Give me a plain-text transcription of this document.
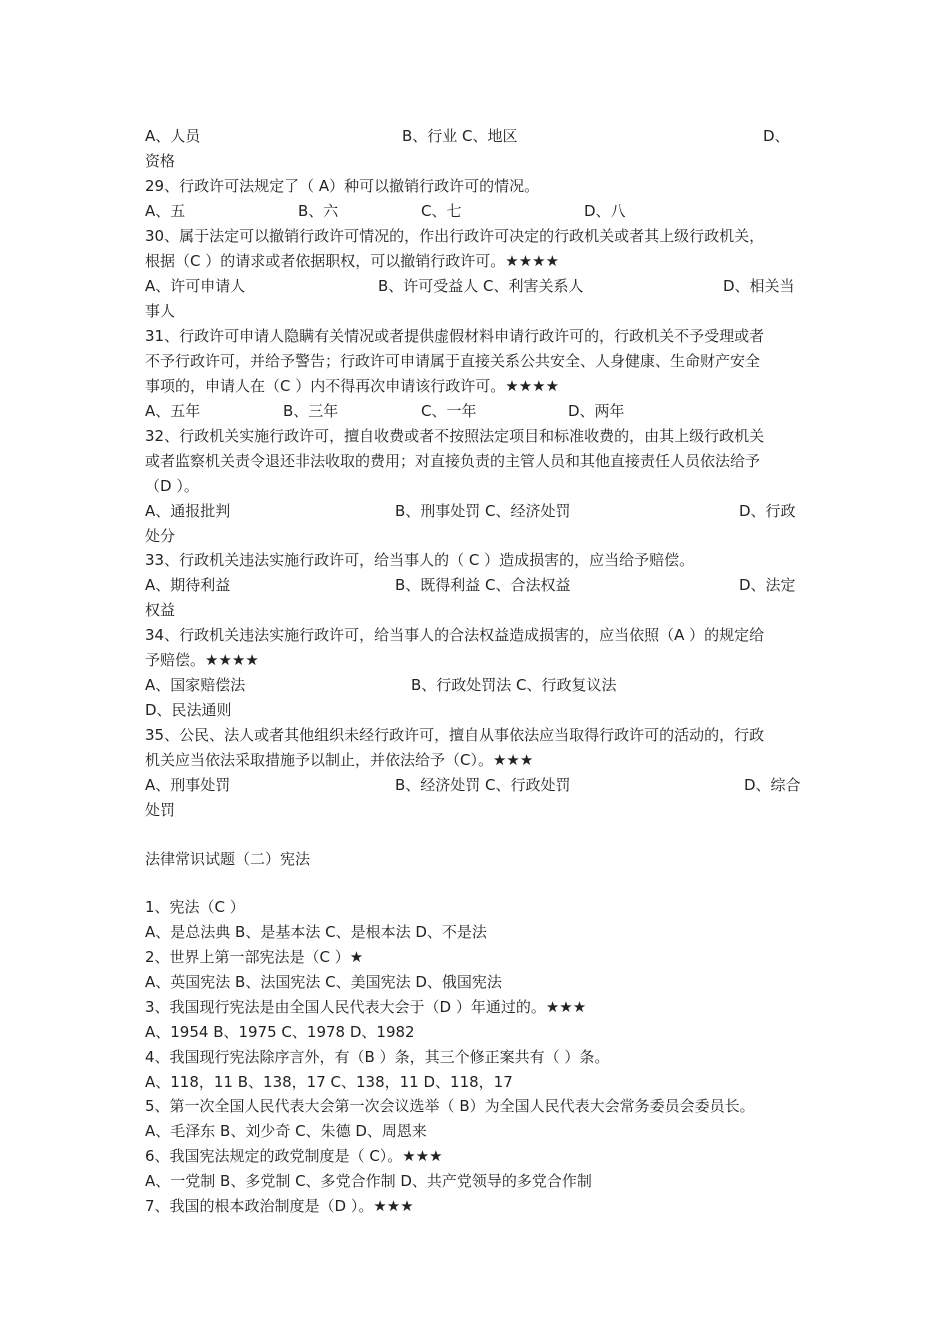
A、人员	B、行业 C、地区	D、
资格
29、行政许可法规定了（ A）种可以撤销行政许可的情况。
A、五	B、六	C、七	D、八
30、属于法定可以撤销行政许可情况的，作出行政许可决定的行政机关或者其上级行政机关，
根据（C ）的请求或者依据职权，可以撤销行政许可。★★★★
A、许可申请人	B、许可受益人 C、利害关系人	D、相关当
事人
31、行政许可申请人隐瞒有关情况或者提供虚假材料申请行政许可的，行政机关不予受理或者
不予行政许可，并给予警告；行政许可申请属于直接关系公共安全、人身健康、生命财产安全
事项的，申请人在（C ）内不得再次申请该行政许可。★★★★
A、五年	B、三年	C、一年	D、两年
32、行政机关实施行政许可，擅自收费或者不按照法定项目和标准收费的，由其上级行政机关
或者监察机关责令退还非法收取的费用；对直接负责的主管人员和其他直接责任人员依法给予
（D ）。
A、通报批判	B、刑事处罚 C、经济处罚	D、行政
处分
33、行政机关违法实施行政许可，给当事人的（ C ）造成损害的，应当给予赔偿。
A、期待利益	B、既得利益 C、合法权益	D、法定
权益
34、行政机关违法实施行政许可，给当事人的合法权益造成损害的，应当依照（A ）的规定给
予赔偿。★★★★
A、国家赔偿法	B、行政处罚法 C、行政复议法
D、民法通则
35、公民、法人或者其他组织未经行政许可，擅自从事依法应当取得行政许可的活动的，行政
机关应当依法采取措施予以制止，并依法给予（C）。★★★
A、刑事处罚	B、经济处罚 C、行政处罚	D、综合
处罚
法律常识试题（二）宪法
1、宪法（C ）
A、是总法典 B、是基本法 C、是根本法 D、不是法
2、世界上第一部宪法是（C ）★
A、英国宪法 B、法国宪法 C、美国宪法 D、俄国宪法
3、我国现行宪法是由全国人民代表大会于（D ）年通过的。★★★
A、1954 B、1975 C、1978 D、1982
4、我国现行宪法除序言外，有（B ）条，其三个修正案共有（ ）条。
A、118，11 B、138，17 C、138，11 D、118，17
5、第一次全国人民代表大会第一次会议选举（ B）为全国人民代表大会常务委员会委员长。
A、毛泽东 B、刘少奇 C、朱德 D、周恩来
6、我国宪法规定的政党制度是（ C）。★★★
A、一党制 B、多党制 C、多党合作制 D、共产党领导的多党合作制
7、我国的根本政治制度是（D ）。★★★
